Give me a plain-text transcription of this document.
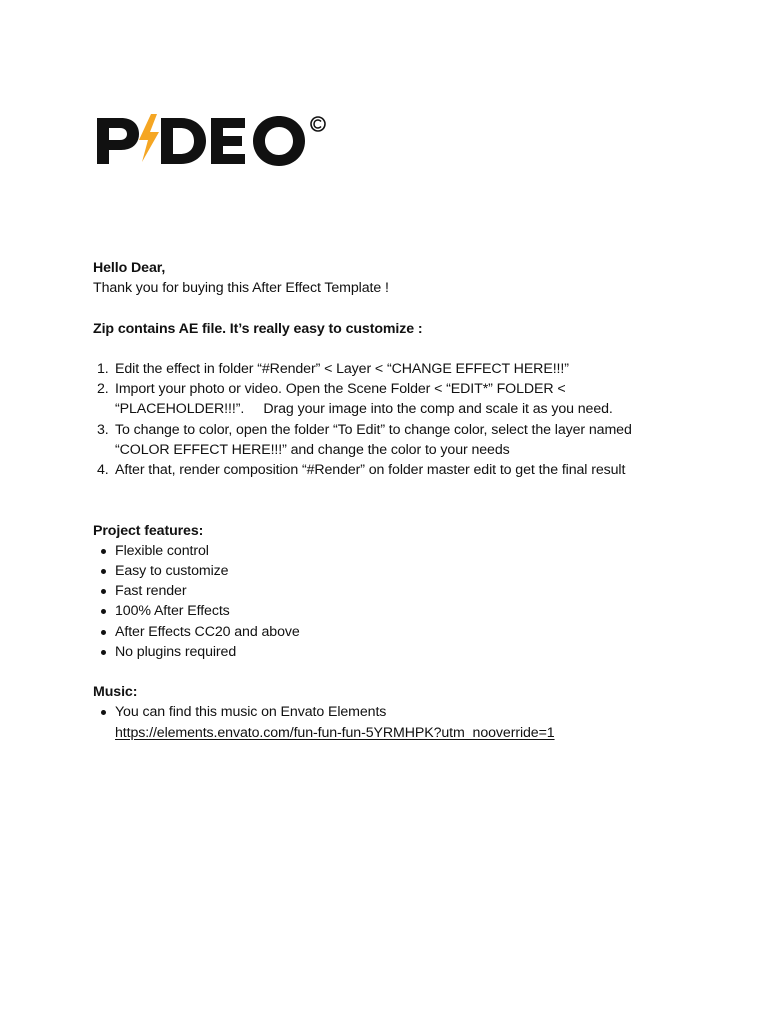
Hello Dear,

Thank you for buying this After Effect Template !

Zip contains AE file. It’s really easy to customize :

1. Edit the effect in folder “#Render” < Layer < “CHANGE EFFECT HERE!!!”
2. Import your photo or video. Open the Scene Folder < “EDIT*” FOLDER <
“PLACEHOLDER!!!”.     Drag your image into the comp and scale it as you need.
3. To change to color, open the folder “To Edit” to change color, select the layer named
“COLOR EFFECT HERE!!!” and change the color to your needs
4. After that, render composition “#Render” on folder master edit to get the final result

Project features:

Flexible control
Easy to customize
Fast render
100% After Effects
After Effects CC20 and above
No plugins required

Music:

You can find this music on Envato Elements
https://elements.envato.com/fun-fun-fun-5YRMHPK?utm_nooverride=1
